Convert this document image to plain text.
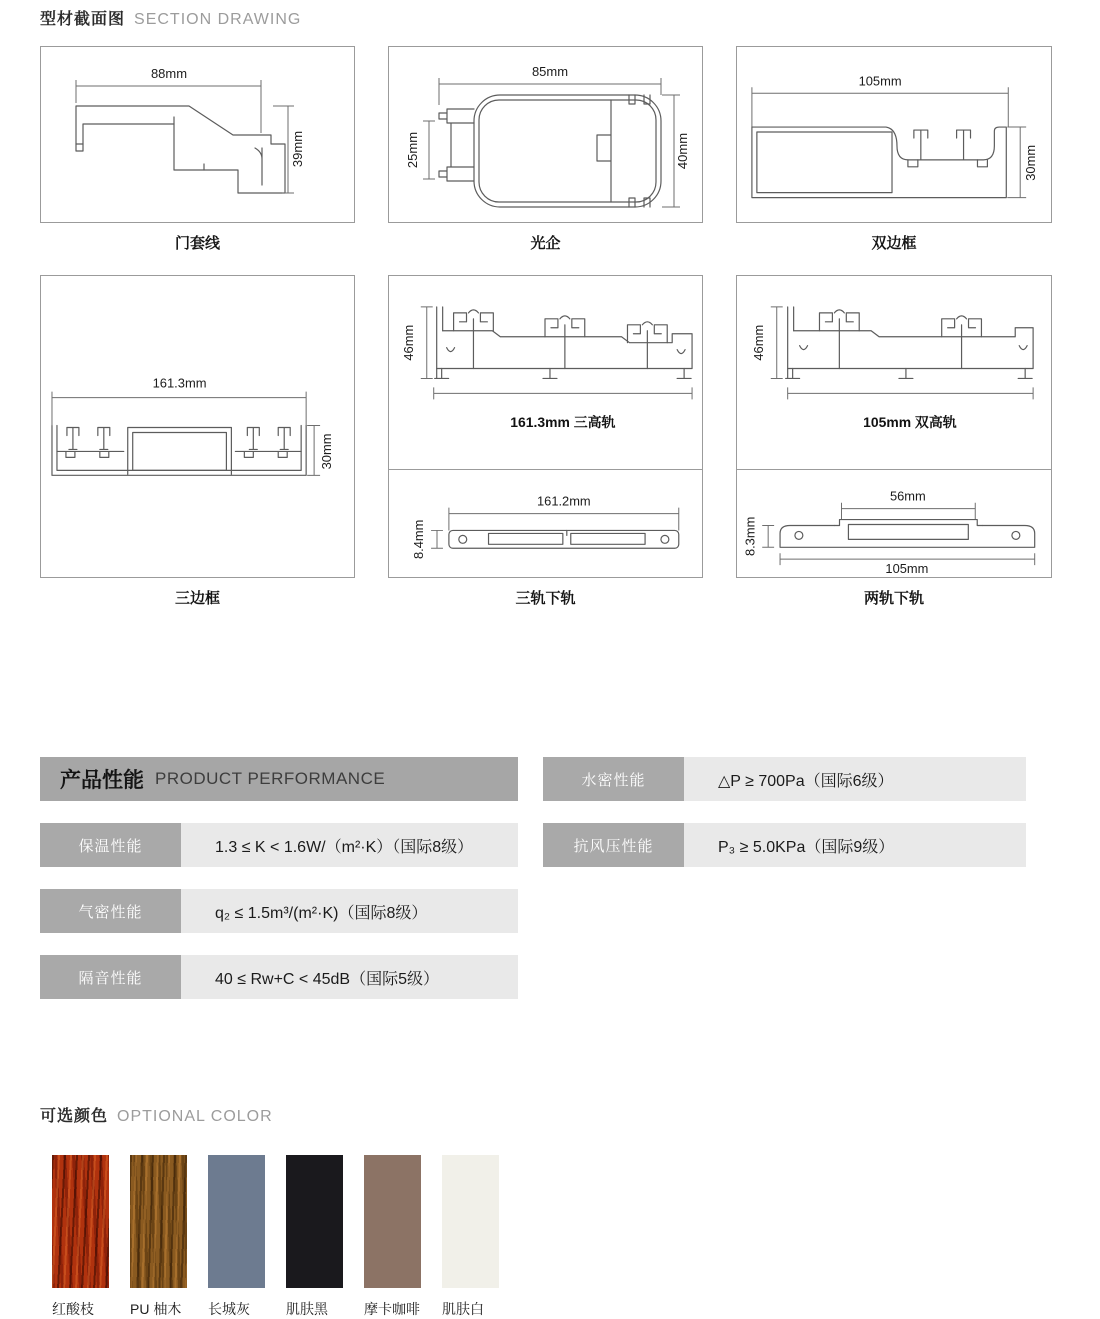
型材截面图 SECTION DRAWING
88mm
39mm
门套线
85mm
25mm	40mm
光企
105mm
30mm
双边框
161.3mm
30mm
三边框
46mm
161.3mm 三高轨
161.2mm
8.4mm
三轨下轨
46mm
105mm 双高轨
56mm
8.3mm
105mm
两轨下轨
产品性能 PRODUCT PERFORMANCE	水密性能	△P ≥ 700Pa（国际6级）
保温性能	1.3 ≤ K < 1.6W/（m²·K）（国际8级）	抗风压性能	P₃ ≥ 5.0KPa（国际9级）
气密性能	q₂ ≤ 1.5m³/(m²·K)（国际8级）
隔音性能	40 ≤ Rw+C < 45dB（国际5级）
可选颜色 OPTIONAL COLOR
红酸枝	PU 柚木	长城灰	肌肤黑	摩卡咖啡 肌肤白
